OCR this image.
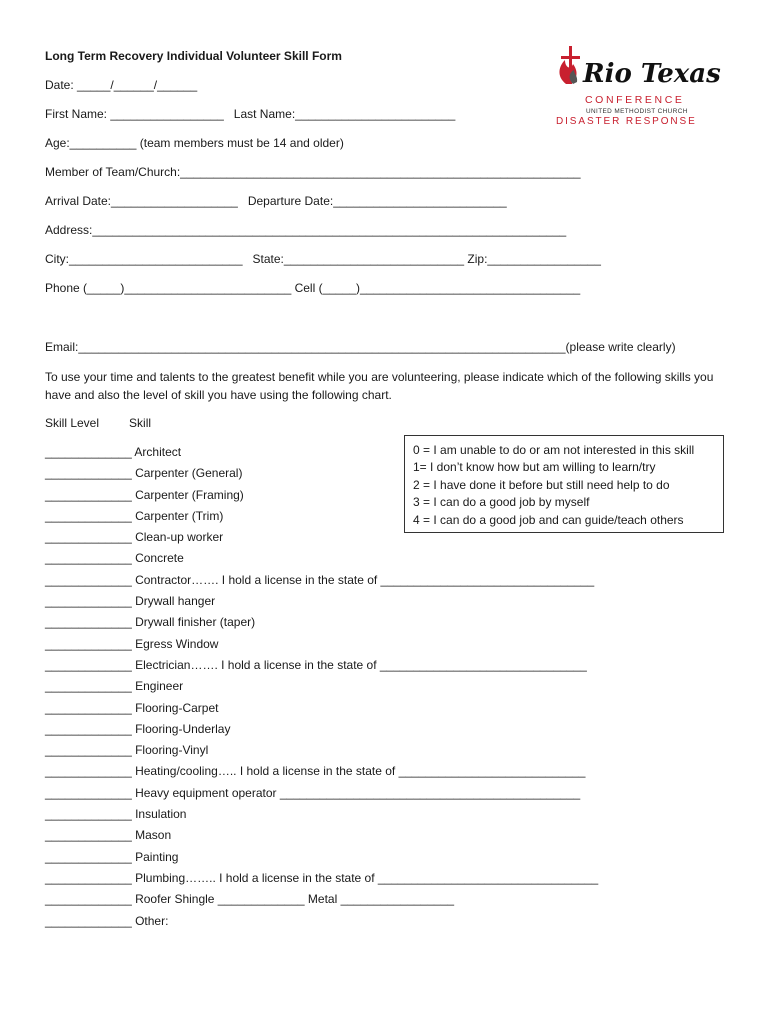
Long Term Recovery Individual Volunteer Skill Form
Rio Texas
CONFERENCE
UNITED METHODIST CHURCH
DISASTER RESPONSE
Date: _____/______/______
First Name: _________________   Last Name:________________________
Age:__________ (team members must be 14 and older)
Member of Team/Church:____________________________________________________________
Arrival Date:___________________   Departure Date:__________________________
Address:_______________________________________________________________________
City:__________________________   State:___________________________ Zip:_________________
Phone (_____)_________________________ Cell (_____)_________________________________
Email:_________________________________________________________________________(please write clearly)
To use your time and talents to the greatest benefit while you are volunteering, please indicate which of the following skills you have and also the level of skill you have using the following chart.
Skill Level         Skill
0 = I am unable to do or am not interested in this skill
1= I don’t know how but am willing to learn/try
2 = I have done it before but still need help to do
3 = I can do a good job by myself
4 = I can do a good job and can guide/teach others
_____________ Architect
_____________ Carpenter (General)
_____________ Carpenter (Framing)
_____________ Carpenter (Trim)
_____________ Clean-up worker
_____________ Concrete
_____________ Contractor……. I hold a license in the state of ________________________________
_____________ Drywall hanger
_____________ Drywall finisher (taper)
_____________ Egress Window
_____________ Electrician……. I hold a license in the state of _______________________________
_____________ Engineer
_____________ Flooring-Carpet
_____________ Flooring-Underlay
_____________ Flooring-Vinyl
_____________ Heating/cooling….. I hold a license in the state of ____________________________
_____________ Heavy equipment operator _____________________________________________
_____________ Insulation
_____________ Mason
_____________ Painting
_____________ Plumbing…….. I hold a license in the state of _________________________________
_____________ Roofer Shingle _____________ Metal _________________
_____________ Other:
